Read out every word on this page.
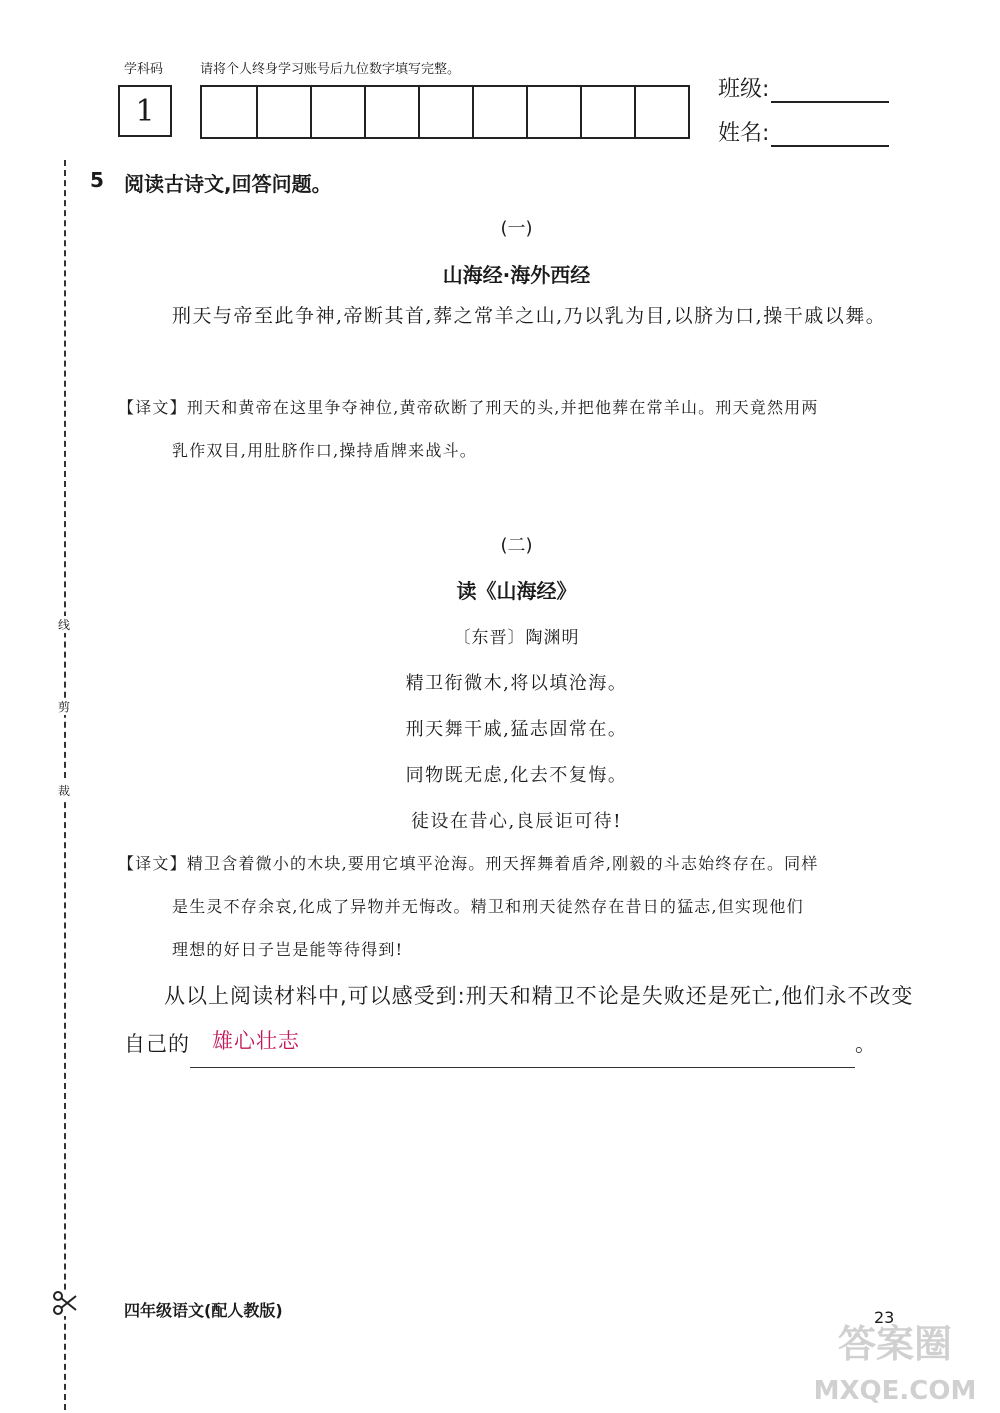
学科码	请将个人终身学习账号后九位数字填写完整。
1
班级:
姓名:
线
剪
裁
5 阅读古诗文,回答问题。
(一)
山海经·海外西经
刑天与帝至此争神,帝断其首,葬之常羊之山,乃以乳为目,以脐为口,操干戚以舞。
【译文】刑天和黄帝在这里争夺神位,黄帝砍断了刑天的头,并把他葬在常羊山。刑天竟然用两
乳作双目,用肚脐作口,操持盾牌来战斗。
(二)
读《山海经》
〔东晋〕陶渊明
精卫衔微木,将以填沧海。
刑天舞干戚,猛志固常在。
同物既无虑,化去不复悔。
徒设在昔心,良辰讵可待!
【译文】精卫含着微小的木块,要用它填平沧海。刑天挥舞着盾斧,刚毅的斗志始终存在。同样
是生灵不存余哀,化成了异物并无悔改。精卫和刑天徒然存在昔日的猛志,但实现他们
理想的好日子岂是能等待得到!
从以上阅读材料中,可以感受到:刑天和精卫不论是失败还是死亡,他们永不改变自己的 雄心壮志	。
四年级语文(配人教版)	23
答案圈
MXQE.COM
